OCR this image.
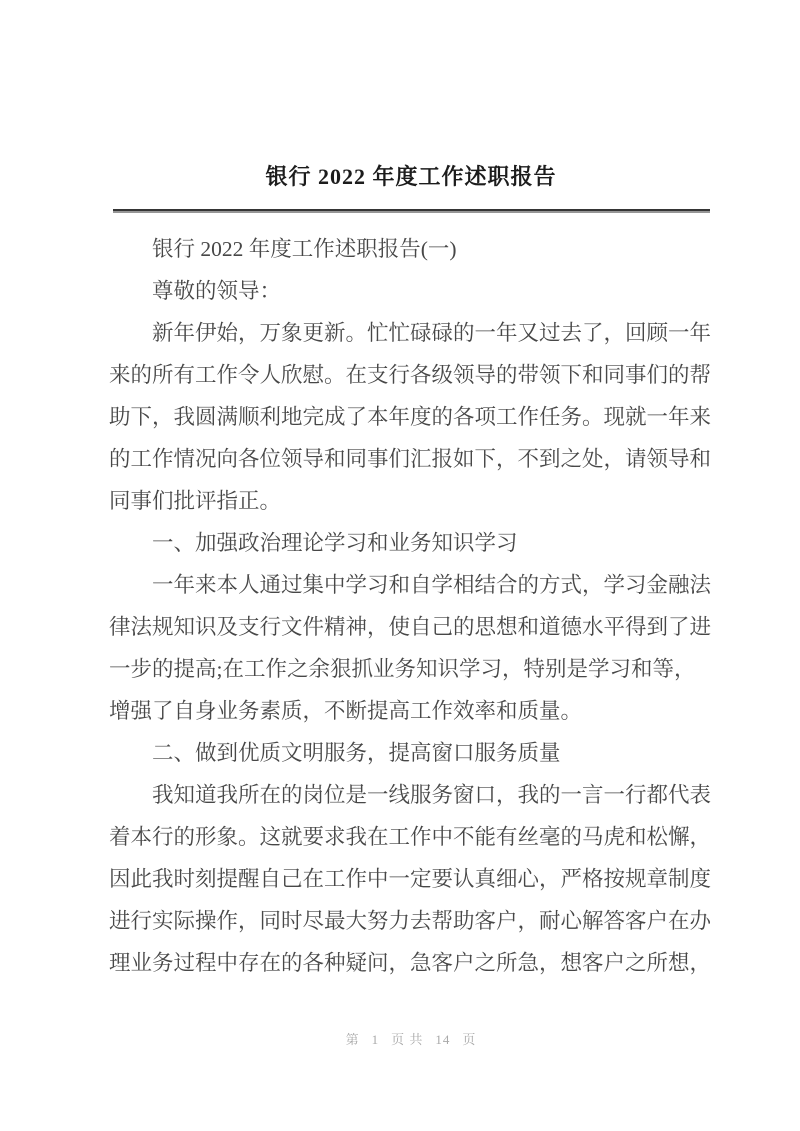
银行 2022 年度工作述职报告
银行 2022 年度工作述职报告(一)
尊敬的领导：
新年伊始，万象更新。忙忙碌碌的一年又过去了，回顾一年
来的所有工作令人欣慰。在支行各级领导的带领下和同事们的帮
助下，我圆满顺利地完成了本年度的各项工作任务。现就一年来
的工作情况向各位领导和同事们汇报如下，不到之处，请领导和
同事们批评指正。
一、加强政治理论学习和业务知识学习
一年来本人通过集中学习和自学相结合的方式，学习金融法
律法规知识及支行文件精神，使自己的思想和道德水平得到了进
一步的提高;在工作之余狠抓业务知识学习，特别是学习和等，
增强了自身业务素质，不断提高工作效率和质量。
二、做到优质文明服务，提高窗口服务质量
我知道我所在的岗位是一线服务窗口，我的一言一行都代表
着本行的形象。这就要求我在工作中不能有丝毫的马虎和松懈，
因此我时刻提醒自己在工作中一定要认真细心，严格按规章制度
进行实际操作，同时尽最大努力去帮助客户，耐心解答客户在办
理业务过程中存在的各种疑问，急客户之所急，想客户之所想，
第 1 页 共 14 页
